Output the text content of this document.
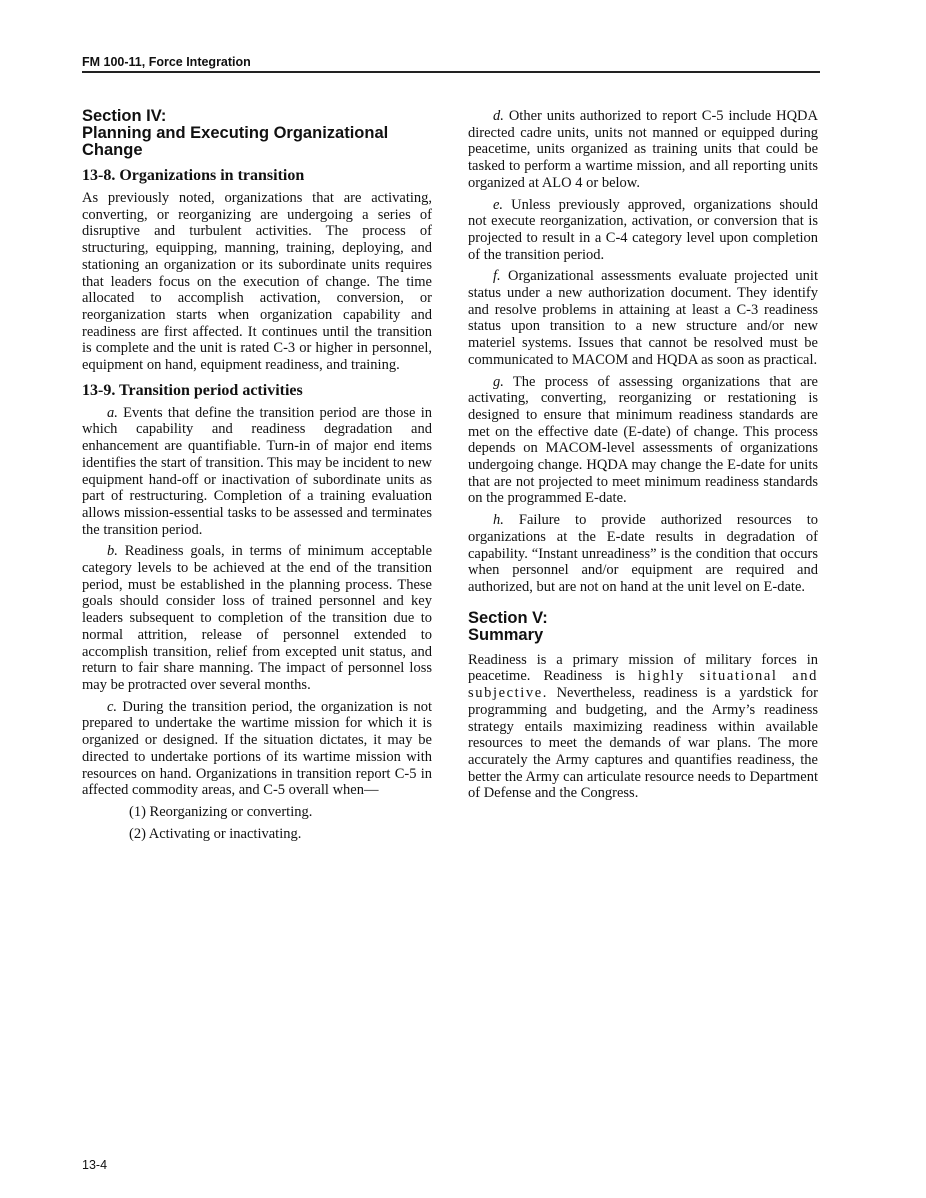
FM 100-11, Force Integration
Section IV:
Planning and Executing Organizational Change
13-8. Organizations in transition

As previously noted, organizations that are activating, converting, or reorganizing are undergoing a series of disruptive and turbulent activities. The process of structuring, equipping, manning, training, deploying, and stationing an organization or its subordinate units requires that leaders focus on the execution of change. The time allocated to accomplish activation, conversion, or reorganization starts when organization capability and readiness are first affected. It continues until the transition is complete and the unit is rated C-3 or higher in personnel, equipment on hand, equipment readiness, and training.

13-9. Transition period activities

a. Events that define the transition period are those in which capability and readiness degradation and enhancement are quantifiable. Turn-in of major end items identifies the start of transition. This may be incident to new equipment hand-off or inactivation of subordinate units as part of restructuring. Completion of a training evaluation allows mission-essential tasks to be assessed and terminates the transition period.

b. Readiness goals, in terms of minimum acceptable category levels to be achieved at the end of the transition period, must be established in the planning process. These goals should consider loss of trained personnel and key leaders subsequent to completion of the transition due to normal attrition, release of personnel extended to accomplish transition, relief from excepted unit status, and return to fair share manning. The impact of personnel loss may be protracted over several months.

c. During the transition period, the organization is not prepared to undertake the wartime mission for which it is organized or designed. If the situation dictates, it may be directed to undertake portions of its wartime mission with resources on hand. Organizations in transition report C-5 in affected commodity areas, and C-5 overall when—

(1) Reorganizing or converting.

(2) Activating or inactivating.

d. Other units authorized to report C-5 include HQDA directed cadre units, units not manned or equipped during peacetime, units organized as training units that could be tasked to perform a wartime mission, and all reporting units organized at ALO 4 or below.

e. Unless previously approved, organizations should not execute reorganization, activation, or conversion that is projected to result in a C-4 category level upon completion of the transition period.

f. Organizational assessments evaluate projected unit status under a new authorization document. They identify and resolve problems in attaining at least a C-3 readiness status upon transition to a new structure and/or new materiel systems. Issues that cannot be resolved must be communicated to MACOM and HQDA as soon as practical.

g. The process of assessing organizations that are activating, converting, reorganizing or restationing is designed to ensure that minimum readiness standards are met on the effective date (E-date) of change. This process depends on MACOM-level assessments of organizations undergoing change. HQDA may change the E-date for units that are not projected to meet minimum readiness standards on the programmed E-date.

h. Failure to provide authorized resources to organizations at the E-date results in degradation of capability. “Instant unreadiness” is the condition that occurs when personnel and/or equipment are required and authorized, but are not on hand at the unit level on E-date.

Section V:
Summary

Readiness is a primary mission of military forces in peacetime. Readiness is highly situational and subjective. Nevertheless, readiness is a yardstick for programming and budgeting, and the Army’s readiness strategy entails maximizing readiness within available resources to meet the demands of war plans. The more accurately the Army captures and quantifies readiness, the better the Army can articulate resource needs to Department of Defense and the Congress.

13-4
